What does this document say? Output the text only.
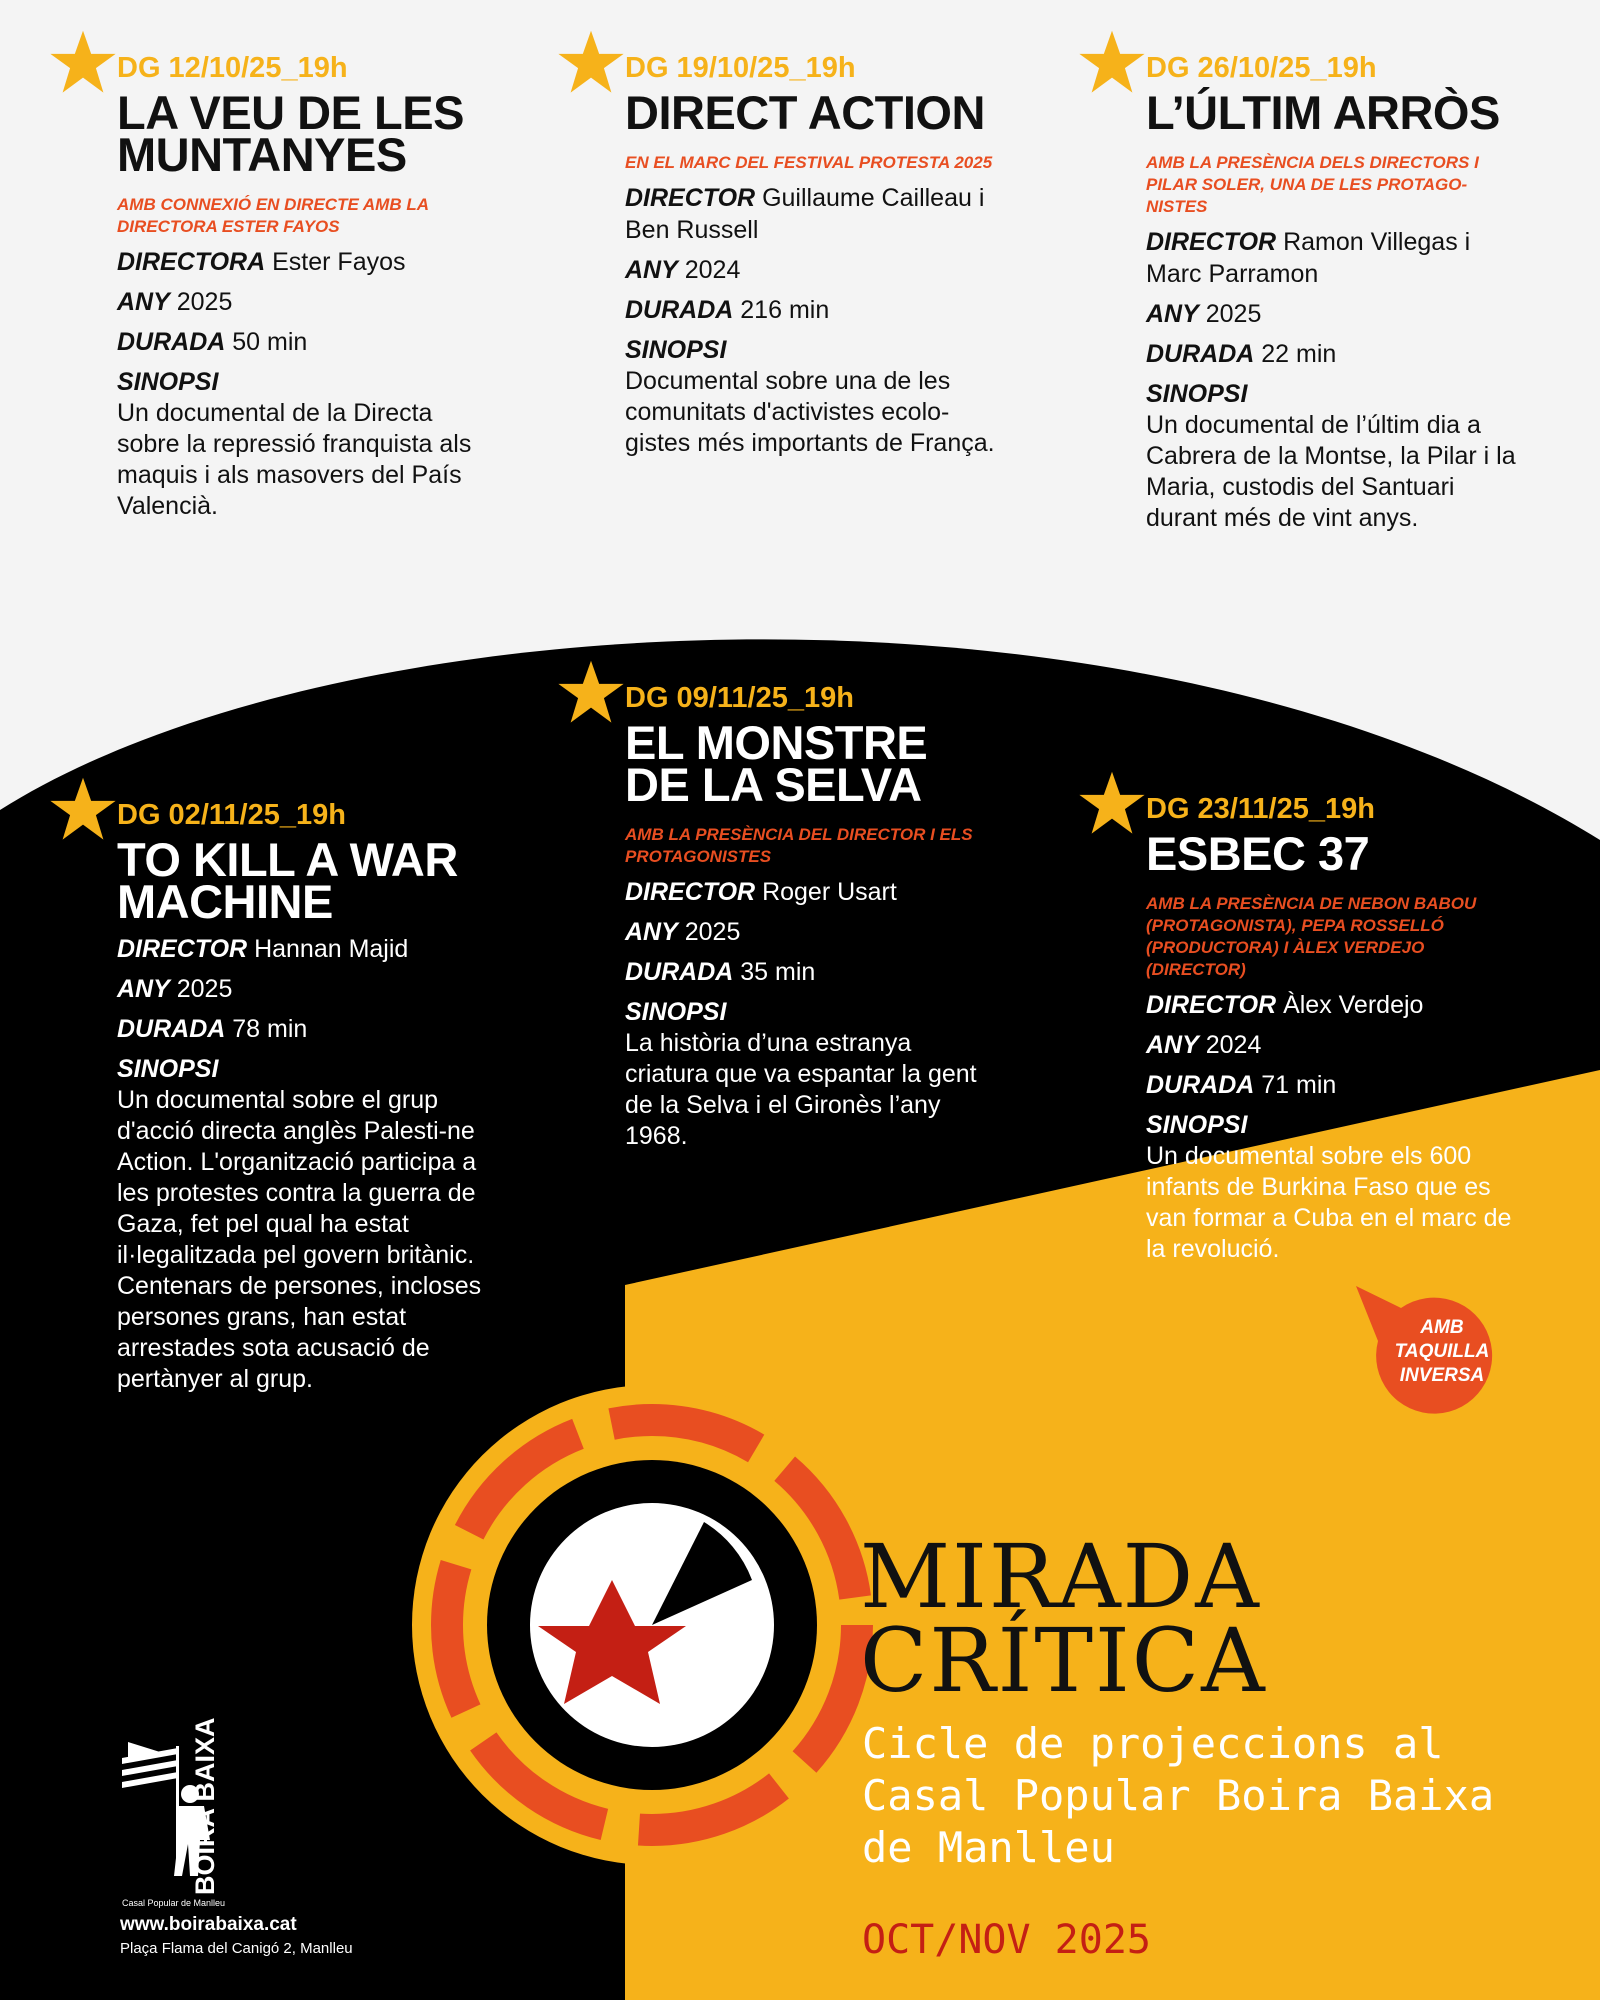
DG 12/10/25_19h
LA VEU DE LES MUNTANYES
AMB CONNEXIÓ EN DIRECTE AMB LA DIRECTORA ESTER FAYOS
DIRECTORA Ester Fayos
ANY 2025
DURADA 50 min
SINOPSI
Un documental de la Directa sobre la repressió franquista als maquis i als masovers del País Valencià.
DG 19/10/25_19h
DIRECT ACTION
EN EL MARC DEL FESTIVAL PROTESTA 2025
DIRECTOR Guillaume Cailleau i Ben Russell
ANY 2024
DURADA 216 min
SINOPSI
Documental sobre una de les comunitats d'activistes ecolo-gistes més importants de França.
DG 26/10/25_19h
L’ÚLTIM ARRÒS
AMB LA PRESÈNCIA DELS DIRECTORS I PILAR SOLER, UNA DE LES PROTAGO-NISTES
DIRECTOR Ramon Villegas i Marc Parramon
ANY 2025
DURADA 22 min
SINOPSI
Un documental de l’últim dia a Cabrera de la Montse, la Pilar i la Maria, custodis del Santuari durant més de vint anys.
DG 02/11/25_19h
TO KILL A WAR MACHINE
DIRECTOR Hannan Majid
ANY 2025
DURADA 78 min
SINOPSI
Un documental sobre el grup d'acció directa anglès Palesti-ne Action. L'organització participa a les protestes contra la guerra de Gaza, fet pel qual ha estat il·legalitzada pel govern britànic. Centenars de persones, incloses persones grans, han estat arrestades sota acusació de pertànyer al grup.
DG 09/11/25_19h
EL MONSTRE DE LA SELVA
AMB LA PRESÈNCIA DEL DIRECTOR I ELS PROTAGONISTES
DIRECTOR Roger Usart
ANY 2025
DURADA 35 min
SINOPSI
La història d’una estranya criatura que va espantar la gent de la Selva i el Gironès l’any 1968.
DG 23/11/25_19h
ESBEC 37
AMB LA PRESÈNCIA DE NEBON BABOU (PROTAGONISTA), PEPA ROSSELLÓ (PRODUCTORA) I ÀLEX VERDEJO (DIRECTOR)
DIRECTOR Àlex Verdejo
ANY 2024
DURADA 71 min
SINOPSI
Un documental sobre els 600 infants de Burkina Faso que es van formar a Cuba en el marc de la revolució.
AMB TAQUILLA INVERSA
MIRADA
CRÍTICA
Cicle de projeccions al Casal Popular Boira Baixa de Manlleu
OCT/NOV 2025
BOIRA BAIXA
Casal Popular de Manlleu
www.boirabaixa.cat
Plaça Flama del Canigó 2, Manlleu
